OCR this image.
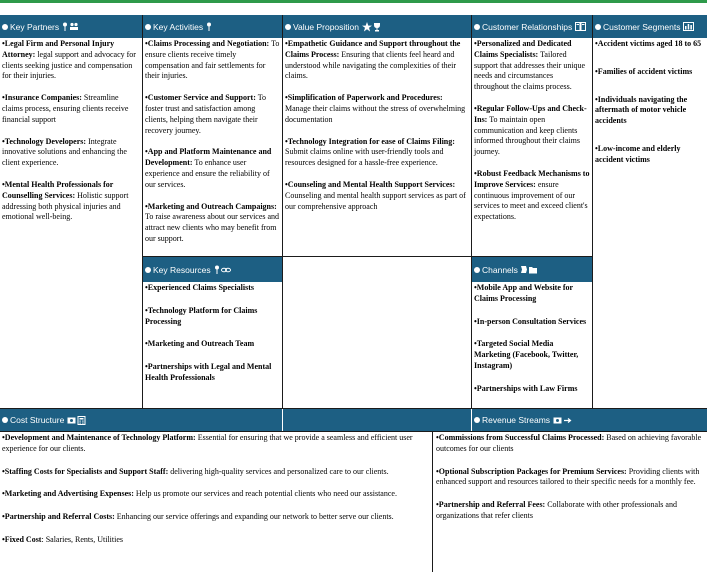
Key Partners	Key Activities	Value Proposition	Customer Relationships	Customer Segments
•Legal Firm and Personal Injury Attorney: legal support and advocacy for clients seeking justice and compensation for their injuries.
•Insurance Companies: Streamline claims process, ensuring clients receive financial support
•Technology Developers: Integrate innovative solutions and enhancing the client experience.
•Mental Health Professionals for Counselling Services: Holistic support addressing both physical injuries and emotional well-being.
•Claims Processing and Negotiation: To ensure clients receive timely compensation and fair settlements for their injuries.
•Customer Service and Support: To foster trust and satisfaction among clients, helping them navigate their recovery journey.
•App and Platform Maintenance and Development: To enhance user experience and ensure the reliability of our services.
•Marketing and Outreach Campaigns: To raise awareness about our services and attract new clients who may benefit from our support.
•Empathetic Guidance and Support throughout the Claims Process: Ensuring that clients feel heard and understood while navigating the complexities of their claims.
•Simplification of Paperwork and Procedures: Manage their claims without the stress of overwhelming documentation
•Technology Integration for ease of Claims Filing: Submit claims online with user-friendly tools and resources designed for a hassle-free experience.
•Counseling and Mental Health Support Services: Counseling and mental health support services as part of our comprehensive approach
•Personalized and Dedicated Claims Specialists: Tailored support that addresses their unique needs and circumstances throughout the claims process.
•Regular Follow-Ups and Check-Ins: To maintain open communication and keep clients informed throughout their claims journey.
•Robust Feedback Mechanisms to Improve Services: ensure continuous improvement of our services to meet and exceed client's expectations.
•Accident victims aged 18 to 65
•Families of accident victims
•Individuals navigating the aftermath of motor vehicle accidents
•Low-income and elderly accident victims
Key Resources	Channels
•Experienced Claims Specialists
•Technology Platform for Claims Processing
•Marketing and Outreach Team
•Partnerships with Legal and Mental Health Professionals
•Mobile App and Website for Claims Processing
•In-person Consultation Services
•Targeted Social Media Marketing (Facebook, Twitter, Instagram)
•Partnerships with Law Firms
Cost Structure	Revenue Streams
•Development and Maintenance of Technology Platform: Essential for ensuring that we provide a seamless and efficient user experience for our clients.
•Staffing Costs for Specialists and Support Staff: delivering high-quality services and personalized care to our clients.
•Marketing and Advertising Expenses: Help us promote our services and reach potential clients who need our assistance.
•Partnership and Referral Costs: Enhancing our service offerings and expanding our network to better serve our clients.
•Fixed Cost: Salaries, Rents, Utilities
•Commissions from Successful Claims Processed: Based on achieving favorable outcomes for our clients
•Optional Subscription Packages for Premium Services: Providing clients with enhanced support and resources tailored to their specific needs for a monthly fee.
•Partnership and Referral Fees: Collaborate with other professionals and organizations that refer clients
